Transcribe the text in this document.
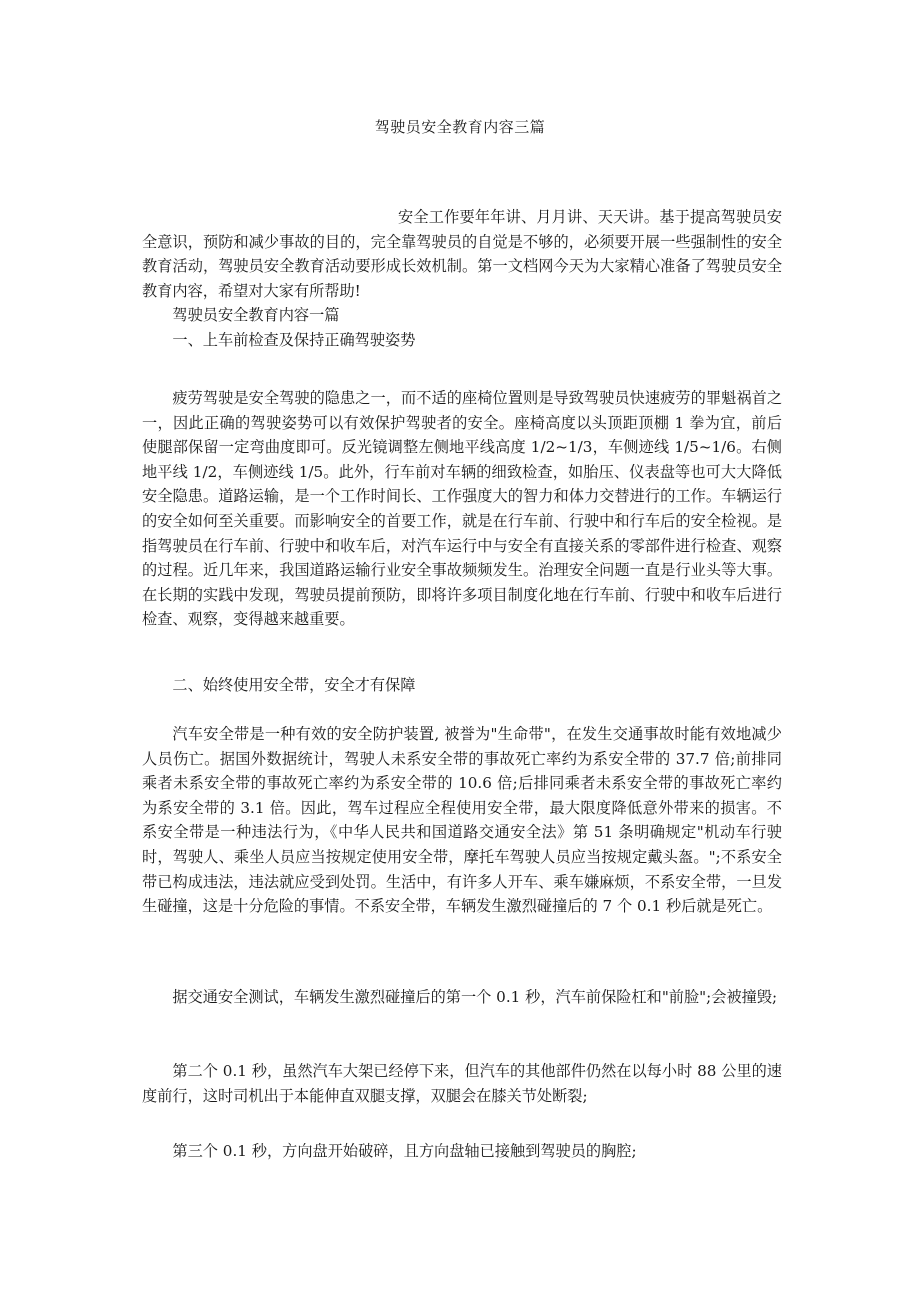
驾驶员安全教育内容三篇

安全工作要年年讲、月月讲、天天讲。基于提高驾驶员安全意识，预防和减少事故的目的，完全靠驾驶员的自觉是不够的，必须要开展一些强制性的安全教育活动，驾驶员安全教育活动要形成长效机制。第一文档网今天为大家精心准备了驾驶员安全教育内容，希望对大家有所帮助!

驾驶员安全教育内容一篇

一、上车前检查及保持正确驾驶姿势

疲劳驾驶是安全驾驶的隐患之一，而不适的座椅位置则是导致驾驶员快速疲劳的罪魁祸首之一，因此正确的驾驶姿势可以有效保护驾驶者的安全。座椅高度以头顶距顶棚 1 拳为宜，前后使腿部保留一定弯曲度即可。反光镜调整左侧地平线高度 1/2~1/3，车侧迹线 1/5~1/6。右侧地平线 1/2，车侧迹线 1/5。此外，行车前对车辆的细致检查，如胎压、仪表盘等也可大大降低安全隐患。道路运输，是一个工作时间长、工作强度大的智力和体力交替进行的工作。车辆运行的安全如何至关重要。而影响安全的首要工作，就是在行车前、行驶中和行车后的安全检视。是指驾驶员在行车前、行驶中和收车后，对汽车运行中与安全有直接关系的零部件进行检查、观察的过程。近几年来，我国道路运输行业安全事故频频发生。治理安全问题一直是行业头等大事。在长期的实践中发现，驾驶员提前预防，即将许多项目制度化地在行车前、行驶中和收车后进行检查、观察，变得越来越重要。

二、始终使用安全带，安全才有保障

汽车安全带是一种有效的安全防护装置, 被誉为"生命带"，在发生交通事故时能有效地减少人员伤亡。据国外数据统计，驾驶人未系安全带的事故死亡率约为系安全带的 37.7 倍;前排同乘者未系安全带的事故死亡率约为系安全带的 10.6 倍;后排同乘者未系安全带的事故死亡率约为系安全带的 3.1 倍。因此，驾车过程应全程使用安全带，最大限度降低意外带来的损害。不系安全带是一种违法行为，《中华人民共和国道路交通安全法》第 51 条明确规定"机动车行驶时，驾驶人、乘坐人员应当按规定使用安全带，摩托车驾驶人员应当按规定戴头盔。";不系安全带已构成违法，违法就应受到处罚。生活中，有许多人开车、乘车嫌麻烦，不系安全带，一旦发生碰撞，这是十分危险的事情。不系安全带，车辆发生激烈碰撞后的 7 个 0.1 秒后就是死亡。

据交通安全测试，车辆发生激烈碰撞后的第一个 0.1 秒，汽车前保险杠和"前脸";会被撞毁;

第二个 0.1 秒，虽然汽车大架已经停下来，但汽车的其他部件仍然在以每小时 88 公里的速度前行，这时司机出于本能伸直双腿支撑，双腿会在膝关节处断裂;

第三个 0.1 秒，方向盘开始破碎，且方向盘轴已接触到驾驶员的胸腔;
